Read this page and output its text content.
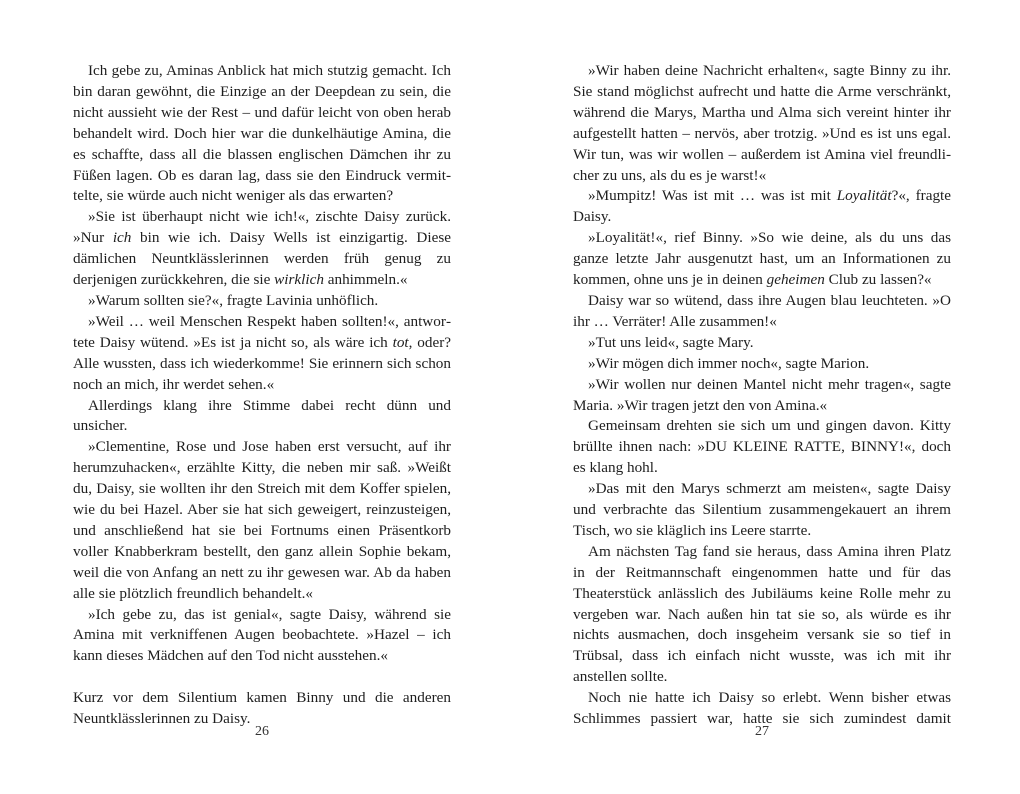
Ich gebe zu, Aminas Anblick hat mich stutzig gemacht. Ich bin daran gewöhnt, die Einzige an der Deepdean zu sein, die nicht aussieht wie der Rest – und dafür leicht von oben herab behandelt wird. Doch hier war die dunkelhäutige Amina, die es schaffte, dass all die blassen englischen Dämchen ihr zu Füßen lagen. Ob es daran lag, dass sie den Eindruck vermittelte, sie würde auch nicht weniger als das erwarten?

»Sie ist überhaupt nicht wie ich!«, zischte Daisy zurück. »Nur ich bin wie ich. Daisy Wells ist einzigartig. Diese dämlichen Neuntklässlerinnen werden früh genug zu derjenigen zurückkehren, die sie wirklich anhimmeln.«

»Warum sollten sie?«, fragte Lavinia unhöflich.

»Weil … weil Menschen Respekt haben sollten!«, antwortete Daisy wütend. »Es ist ja nicht so, als wäre ich tot, oder? Alle wussten, dass ich wiederkomme! Sie erinnern sich schon noch an mich, ihr werdet sehen.«

Allerdings klang ihre Stimme dabei recht dünn und unsicher.

»Clementine, Rose und Jose haben erst versucht, auf ihr herumzuhacken«, erzählte Kitty, die neben mir saß. »Weißt du, Daisy, sie wollten ihr den Streich mit dem Koffer spielen, wie du bei Hazel. Aber sie hat sich geweigert, reinzusteigen, und anschließend hat sie bei Fortnums einen Präsentkorb voller Knabberkram bestellt, den ganz allein Sophie bekam, weil die von Anfang an nett zu ihr gewesen war. Ab da haben alle sie plötzlich freundlich behandelt.«

»Ich gebe zu, das ist genial«, sagte Daisy, während sie Amina mit verkniffenen Augen beobachtete. »Hazel – ich kann dieses Mädchen auf den Tod nicht ausstehen.«

Kurz vor dem Silentium kamen Binny und die anderen Neuntklässlerinnen zu Daisy.

26

»Wir haben deine Nachricht erhalten«, sagte Binny zu ihr. Sie stand möglichst aufrecht und hatte die Arme verschränkt, während die Marys, Martha und Alma sich vereint hinter ihr aufgestellt hatten – nervös, aber trotzig. »Und es ist uns egal. Wir tun, was wir wollen – außerdem ist Amina viel freundlicher zu uns, als du es je warst!«

»Mumpitz! Was ist mit … was ist mit Loyalität?«, fragte Daisy.

»Loyalität!«, rief Binny. »So wie deine, als du uns das ganze letzte Jahr ausgenutzt hast, um an Informationen zu kommen, ohne uns je in deinen geheimen Club zu lassen?«

Daisy war so wütend, dass ihre Augen blau leuchteten. »O ihr … Verräter! Alle zusammen!«

»Tut uns leid«, sagte Mary.

»Wir mögen dich immer noch«, sagte Marion.

»Wir wollen nur deinen Mantel nicht mehr tragen«, sagte Maria. »Wir tragen jetzt den von Amina.«

Gemeinsam drehten sie sich um und gingen davon. Kitty brüllte ihnen nach: »DU KLEINE RATTE, BINNY!«, doch es klang hohl.

»Das mit den Marys schmerzt am meisten«, sagte Daisy und verbrachte das Silentium zusammengekauert an ihrem Tisch, wo sie kläglich ins Leere starrte.

Am nächsten Tag fand sie heraus, dass Amina ihren Platz in der Reitmannschaft eingenommen hatte und für das Theaterstück anlässlich des Jubiläums keine Rolle mehr zu vergeben war. Nach außen hin tat sie so, als würde es ihr nichts ausmachen, doch insgeheim versank sie so tief in Trübsal, dass ich einfach nicht wusste, was ich mit ihr anstellen sollte.

Noch nie hatte ich Daisy so erlebt. Wenn bisher etwas Schlimmes passiert war, hatte sie sich zumindest damit

27
